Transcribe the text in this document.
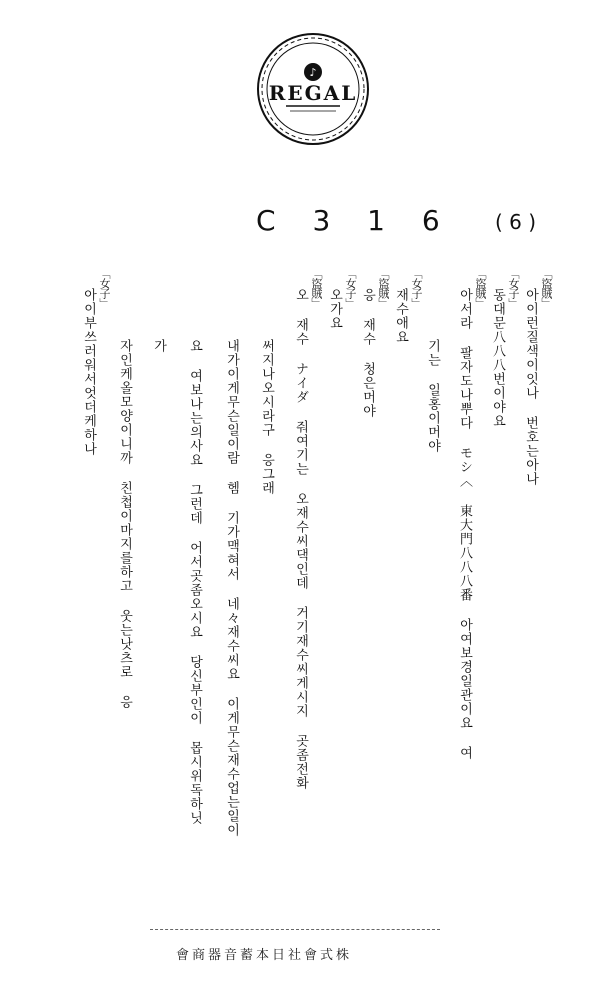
♪
REGAL
C 3 1 6 ( 6 )
「盜賊」
아이런질색이잇나 번호는아나
「女子」
동대문八八八번이야요
「盜賊」
아서라 팔자도나뿌다 モシ〈 東大門八八八番 아여보경일관이요 여
기는 일홍이머야
「女子」
재수애요
「盜賊」
응 재수 청은머야
「女子」
오가요
「盜賊」
오 재수 ナイダ 줘여기는 오재수씨댁인데 거기재수씨게시지 곳좀전화
써지나오시라구 응그래
내가이게무슨일이람 헴 기가맥혀서 네々재수씨요 이게무슨재수업는일이
요 여보나는의사요 그런데 어서곳좀오시요 당신부인이 몹시위독하닛
가
자인케올모양이니까 친첩이마지를하고 웃는낫츠로 응
「女子」
아이부쓰러워서엇더케하나
株式會社日本蓄音器商會
